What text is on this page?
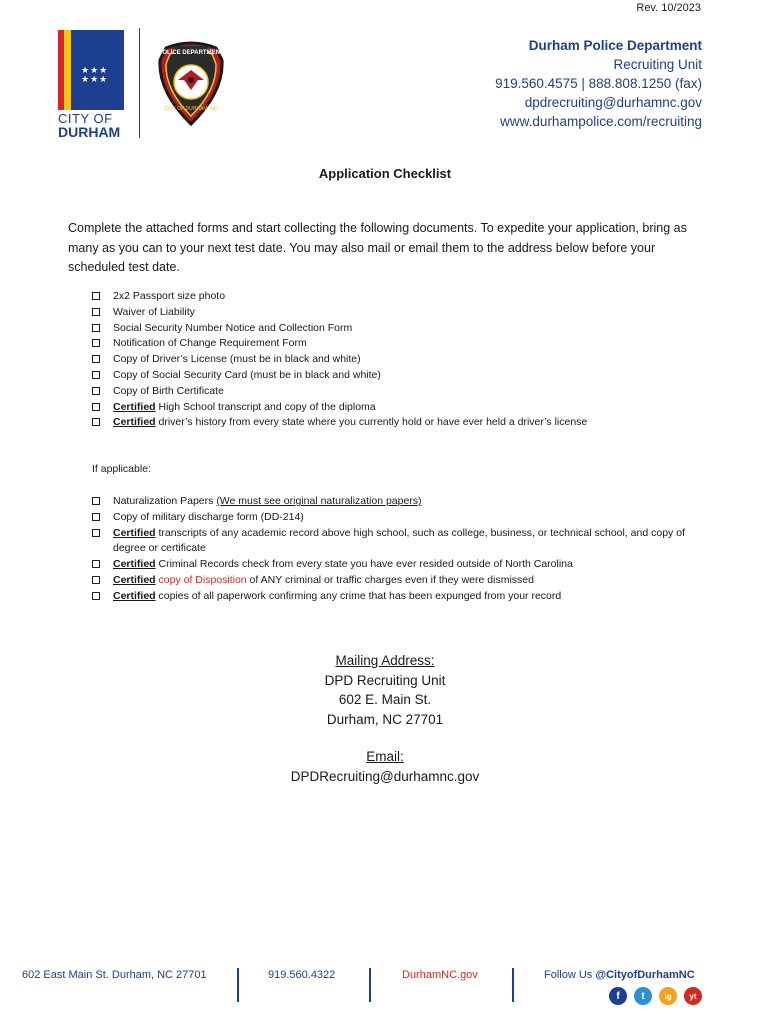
Rev. 10/2023
★★★
★★★
CITY OF
DURHAM
POLICE DEPARTMENT
CITY OF DURHAM, NC
Durham Police Department
Recruiting Unit
919.560.4575 | 888.808.1250 (fax)
dpdrecruiting@durhamnc.gov
www.durhampolice.com/recruiting
Application Checklist
Complete the attached forms and start collecting the following documents. To expedite your application, bring as many as you can to your next test date. You may also mail or email them to the address below before your scheduled test date.
2x2 Passport size photo
Waiver of Liability
Social Security Number Notice and Collection Form
Notification of Change Requirement Form
Copy of Driver’s License (must be in black and white)
Copy of Social Security Card (must be in black and white)
Copy of Birth Certificate
Certified High School transcript and copy of the diploma
Certified driver’s history from every state where you currently hold or have ever held a driver’s license
If applicable:
Naturalization Papers (We must see original naturalization papers)
Copy of military discharge form (DD-214)
Certified transcripts of any academic record above high school, such as college, business, or technical school, and copy of degree or certificate
Certified Criminal Records check from every state you have ever resided outside of North Carolina
Certified copy of Disposition of ANY criminal or traffic charges even if they were dismissed
Certified copies of all paperwork confirming any crime that has been expunged from your record
Mailing Address:
DPD Recruiting Unit
602 E. Main St.
Durham, NC 27701
Email:
DPDRecruiting@durhamnc.gov
602 East Main St. Durham, NC 27701	919.560.4322	DurhamNC.gov	Follow Us @CityofDurhamNC
f	t	ig	yt
